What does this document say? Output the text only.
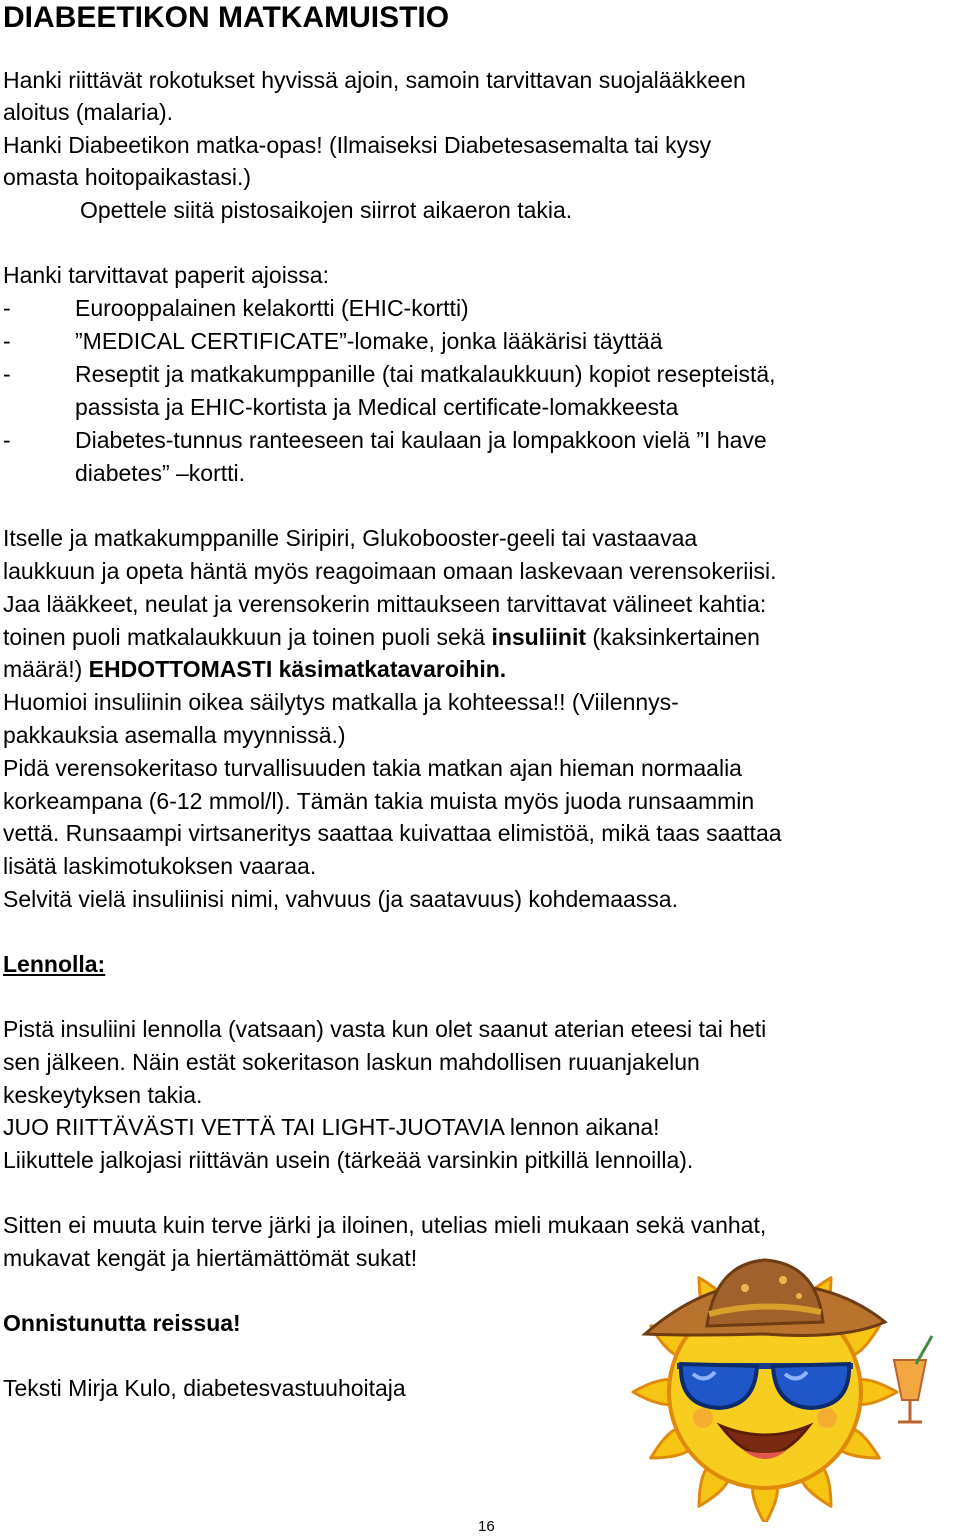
DIABEETIKON MATKAMUISTIO

Hanki riittävät rokotukset hyvissä ajoin, samoin tarvittavan suojalääkkeen

aloitus (malaria).

Hanki Diabeetikon matka-opas! (Ilmaiseksi Diabetesasemalta tai kysy

omasta hoitopaikastasi.)

Opettele siitä pistosaikojen siirrot aikaeron takia.

Hanki tarvittavat paperit ajoissa:

-	Eurooppalainen kelakortti (EHIC-kortti)
-	”MEDICAL CERTIFICATE”-lomake, jonka lääkärisi täyttää
-	Reseptit ja matkakumppanille (tai matkalaukkuun) kopiot resepteistä,

passista ja EHIC-kortista ja Medical certificate-lomakkeesta

-	Diabetes-tunnus ranteeseen tai kaulaan ja lompakkoon vielä ”I have

diabetes” –kortti.

Itselle ja matkakumppanille Siripiri, Glukobooster-geeli tai vastaavaa

laukkuun ja opeta häntä myös reagoimaan omaan laskevaan verensokeriisi.

Jaa lääkkeet, neulat ja verensokerin mittaukseen tarvittavat välineet kahtia:

toinen puoli matkalaukkuun ja toinen puoli sekä insuliinit (kaksinkertainen

määrä!) EHDOTTOMASTI käsimatkatavaroihin.

Huomioi insuliinin oikea säilytys matkalla ja kohteessa!! (Viilennys-

pakkauksia asemalla myynnissä.)

Pidä verensokeritaso turvallisuuden takia matkan ajan hieman normaalia

korkeampana (6-12 mmol/l). Tämän takia muista myös juoda runsaammin

vettä. Runsaampi virtsaneritys saattaa kuivattaa elimistöä, mikä taas saattaa

lisätä laskimotukoksen vaaraa.

Selvitä vielä insuliinisi nimi, vahvuus (ja saatavuus) kohdemaassa.

Lennolla:

Pistä insuliini lennolla (vatsaan) vasta kun olet saanut aterian eteesi tai heti

sen jälkeen. Näin estät sokeritason laskun mahdollisen ruuanjakelun

keskeytyksen takia.

JUO RIITTÄVÄSTI VETTÄ TAI LIGHT-JUOTAVIA lennon aikana!

Liikuttele jalkojasi riittävän usein (tärkeää varsinkin pitkillä lennoilla).

Sitten ei muuta kuin terve järki ja iloinen, utelias mieli mukaan sekä vanhat,

mukavat kengät ja hiertämättömät sukat!

Onnistunutta reissua!

Teksti Mirja Kulo, diabetesvastuuhoitaja

16
